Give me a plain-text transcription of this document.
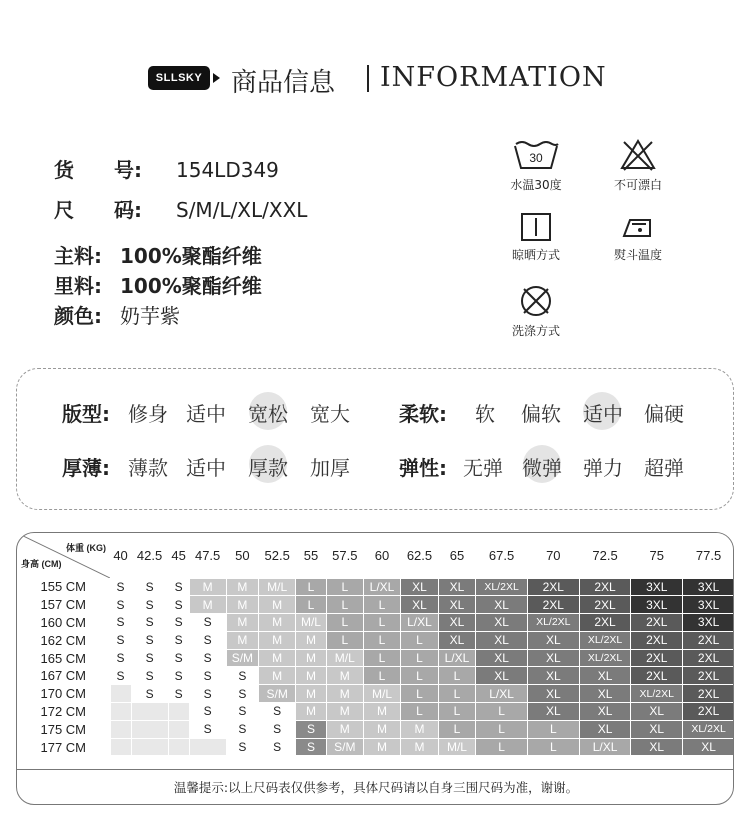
SLLSKY 商品信息 INFORMATION
货　　号: 154LD349
尺　　码: S/M/L/XL/XXL
主料: 100%聚酯纤维
里料: 100%聚酯纤维
颜色: 奶芋紫
30
水温30度	不可漂白
晾晒方式	熨斗温度
洗涤方式
版型: 修身 适中 宽松 宽大 柔软: 软 偏软 适中 偏硬
厚薄: 薄款 适中 厚款 加厚 弹性: 无弹 微弹 弹力 超弹
体重 (KG)
身高 (CM)	40	42.5	45	47.5	50	52.5	55	57.5	60	62.5	65	67.5	70	72.5	75	77.5
155 CM	S	S	S	M	M	M/L	L	L	L/XL	XL	XL	XL/2XL	2XL	2XL	3XL	3XL
157 CM	S	S	S	M	M	M	L	L	L	XL	XL	XL	2XL	2XL	3XL	3XL
160 CM	S	S	S	S	M	M	M/L	L	L	L/XL	XL	XL	XL/2XL	2XL	2XL	3XL
162 CM	S	S	S	S	M	M	M	L	L	L	XL	XL	XL	XL/2XL	2XL	2XL
165 CM	S	S	S	S	S/M	M	M	M/L	L	L	L/XL	XL	XL	XL/2XL	2XL	2XL
167 CM	S	S	S	S	S	M	M	M	L	L	L	XL	XL	XL	2XL	2XL
170 CM		S	S	S	S	S/M	M	M	M/L	L	L	L/XL	XL	XL	XL/2XL	2XL
172 CM				S	S	S	M	M	M	L	L	L	XL	XL	XL	2XL
175 CM				S	S	S	S	M	M	M	L	L	L	XL	XL	XL/2XL
177 CM					S	S	S	S/M	M	M	M/L	L	L	L/XL	XL	XL
温馨提示:以上尺码表仅供参考，具体尺码请以自身三围尺码为准，谢谢。
